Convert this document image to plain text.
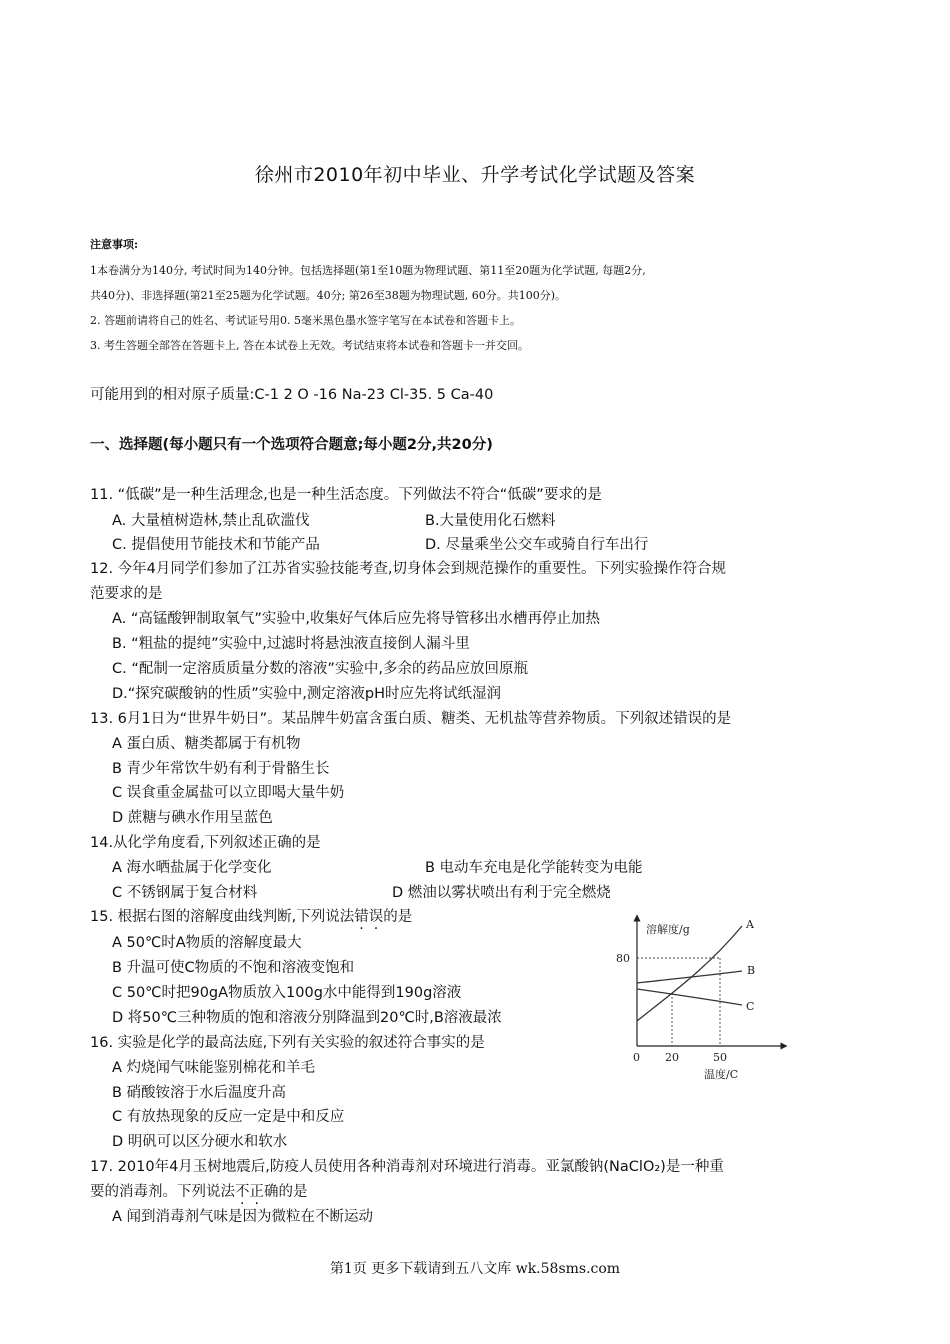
徐州市2010年初中毕业、升学考试化学试题及答案
注意事项:
1本卷满分为140分, 考试时间为140分钟。包括选择题(第1至10题为物理试题、第11至20题为化学试题, 每题2分,
共40分)、非选择题(第21至25题为化学试题。40分; 第26至38题为物理试题, 60分。共100分)。
2. 答题前请将自己的姓名、考试证号用0. 5毫米黑色墨水签字笔写在本试卷和答题卡上。
3. 考生答题全部答在答题卡上, 答在本试卷上无效。考试结束将本试卷和答题卡一并交回。
可能用到的相对原子质量:C-1 2 O -16 Na-23 Cl-35. 5 Ca-40
一、选择题(每小题只有一个选项符合题意;每小题2分,共20分)
11. “低碳”是一种生活理念,也是一种生活态度。下列做法不符合“低碳”要求的是
A. 大量植树造林,禁止乱砍滥伐	B.大量使用化石燃料
C. 提倡使用节能技术和节能产品	D. 尽量乘坐公交车或骑自行车出行
12. 今年4月同学们参加了江苏省实验技能考查,切身体会到规范操作的重要性。下列实验操作符合规
范要求的是
A. “高锰酸钾制取氧气”实验中,收集好气体后应先将导管移出水槽再停止加热
B. “粗盐的提纯”实验中,过滤时将悬浊液直接倒人漏斗里
C. “配制一定溶质质量分数的溶液”实验中,多余的药品应放回原瓶
D.“探究碳酸钠的性质”实验中,测定溶液pH时应先将试纸湿润
13. 6月1日为“世界牛奶日”。某品牌牛奶富含蛋白质、糖类、无机盐等营养物质。下列叙述错误的是
A 蛋白质、糖类都属于有机物
B 青少年常饮牛奶有利于骨骼生长
C 误食重金属盐可以立即喝大量牛奶
D 蔗糖与碘水作用呈蓝色
14.从化学角度看,下列叙述正确的是
A 海水晒盐属于化学变化	B 电动车充电是化学能转变为电能
C 不锈钢属于复合材料	D 燃油以雾状喷出有利于完全燃烧
15. 根据右图的溶解度曲线判断,下列说法错误的是
A 50℃时A物质的溶解度最大
B 升温可使C物质的不饱和溶液变饱和
C 50℃时把90gA物质放入100g水中能得到190g溶液
D 将50℃三种物质的饱和溶液分别降温到20℃时,B溶液最浓
16. 实验是化学的最高法庭,下列有关实验的叙述符合事实的是
A 灼烧闻气味能鉴别棉花和羊毛
B 硝酸铵溶于水后温度升高
C 有放热现象的反应一定是中和反应
D 明矾可以区分硬水和软水
17. 2010年4月玉树地震后,防疫人员使用各种消毒剂对环境进行消毒。亚氯酸钠(NaClO₂)是一种重
要的消毒剂。下列说法不正确的是
A 闻到消毒剂气味是因为微粒在不断运动
溶解度/g
80
0 20	50
温度/C
A
B
C
第1页 更多下载请到五八文库 wk.58sms.com
